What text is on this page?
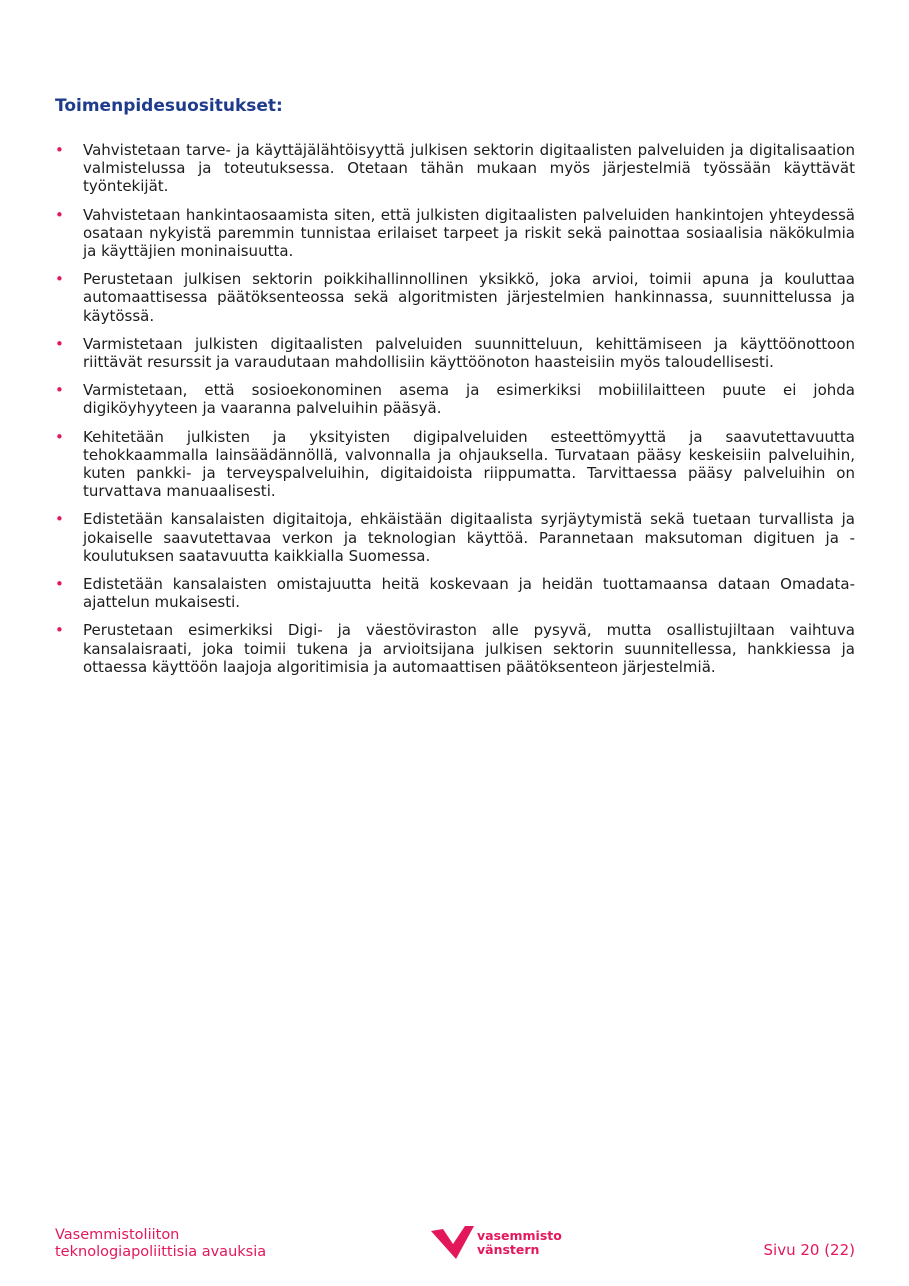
Toimenpidesuositukset:
• Vahvistetaan tarve- ja käyttäjälähtöisyyttä julkisen sektorin digitaalisten palveluiden ja digitalisaation valmistelussa ja toteutuksessa. Otetaan tähän mukaan myös järjestelmiä työssään käyttävät työntekijät.
• Vahvistetaan hankintaosaamista siten, että julkisten digitaalisten palveluiden hankintojen yhteydessä osataan nykyistä paremmin tunnistaa erilaiset tarpeet ja riskit sekä painottaa sosiaalisia näkökulmia ja käyttäjien moninaisuutta.
• Perustetaan julkisen sektorin poikkihallinnollinen yksikkö, joka arvioi, toimii apuna ja kouluttaa automaattisessa päätöksenteossa sekä algoritmisten järjestelmien hankinnassa, suunnittelussa ja käytössä.
• Varmistetaan julkisten digitaalisten palveluiden suunnitteluun, kehittämiseen ja käyttöönottoon riittävät resurssit ja varaudutaan mahdollisiin käyttöönoton haasteisiin myös taloudellisesti.
• Varmistetaan, että sosioekonominen asema ja esimerkiksi mobiililaitteen puute ei johda digiköyhyyteen ja vaaranna palveluihin pääsyä.
• Kehitetään julkisten ja yksityisten digipalveluiden esteettömyyttä ja saavutettavuutta tehokkaammalla lainsäädännöllä, valvonnalla ja ohjauksella. Turvataan pääsy keskeisiin palveluihin, kuten pankki- ja terveyspalveluihin, digitaidoista riippumatta. Tarvittaessa pääsy palveluihin on turvattava manuaalisesti.
• Edistetään kansalaisten digitaitoja, ehkäistään digitaalista syrjäytymistä sekä tuetaan turvallista ja jokaiselle saavutettavaa verkon ja teknologian käyttöä. Parannetaan maksutoman digituen ja -koulutuksen saatavuutta kaikkialla Suomessa.
• Edistetään kansalaisten omistajuutta heitä koskevaan ja heidän tuottamaansa dataan Omadata-ajattelun mukaisesti.
• Perustetaan esimerkiksi Digi- ja väestöviraston alle pysyvä, mutta osallistujiltaan vaihtuva kansalaisraati, joka toimii tukena ja arvioitsijana julkisen sektorin suunnitellessa, hankkiessa ja ottaessa käyttöön laajoja algoritimisia ja automaattisen päätöksenteon järjestelmiä.
Vasemmistoliiton
teknologiapoliittisia avauksia
vasemmisto
vänstern	Sivu 20 (22)
